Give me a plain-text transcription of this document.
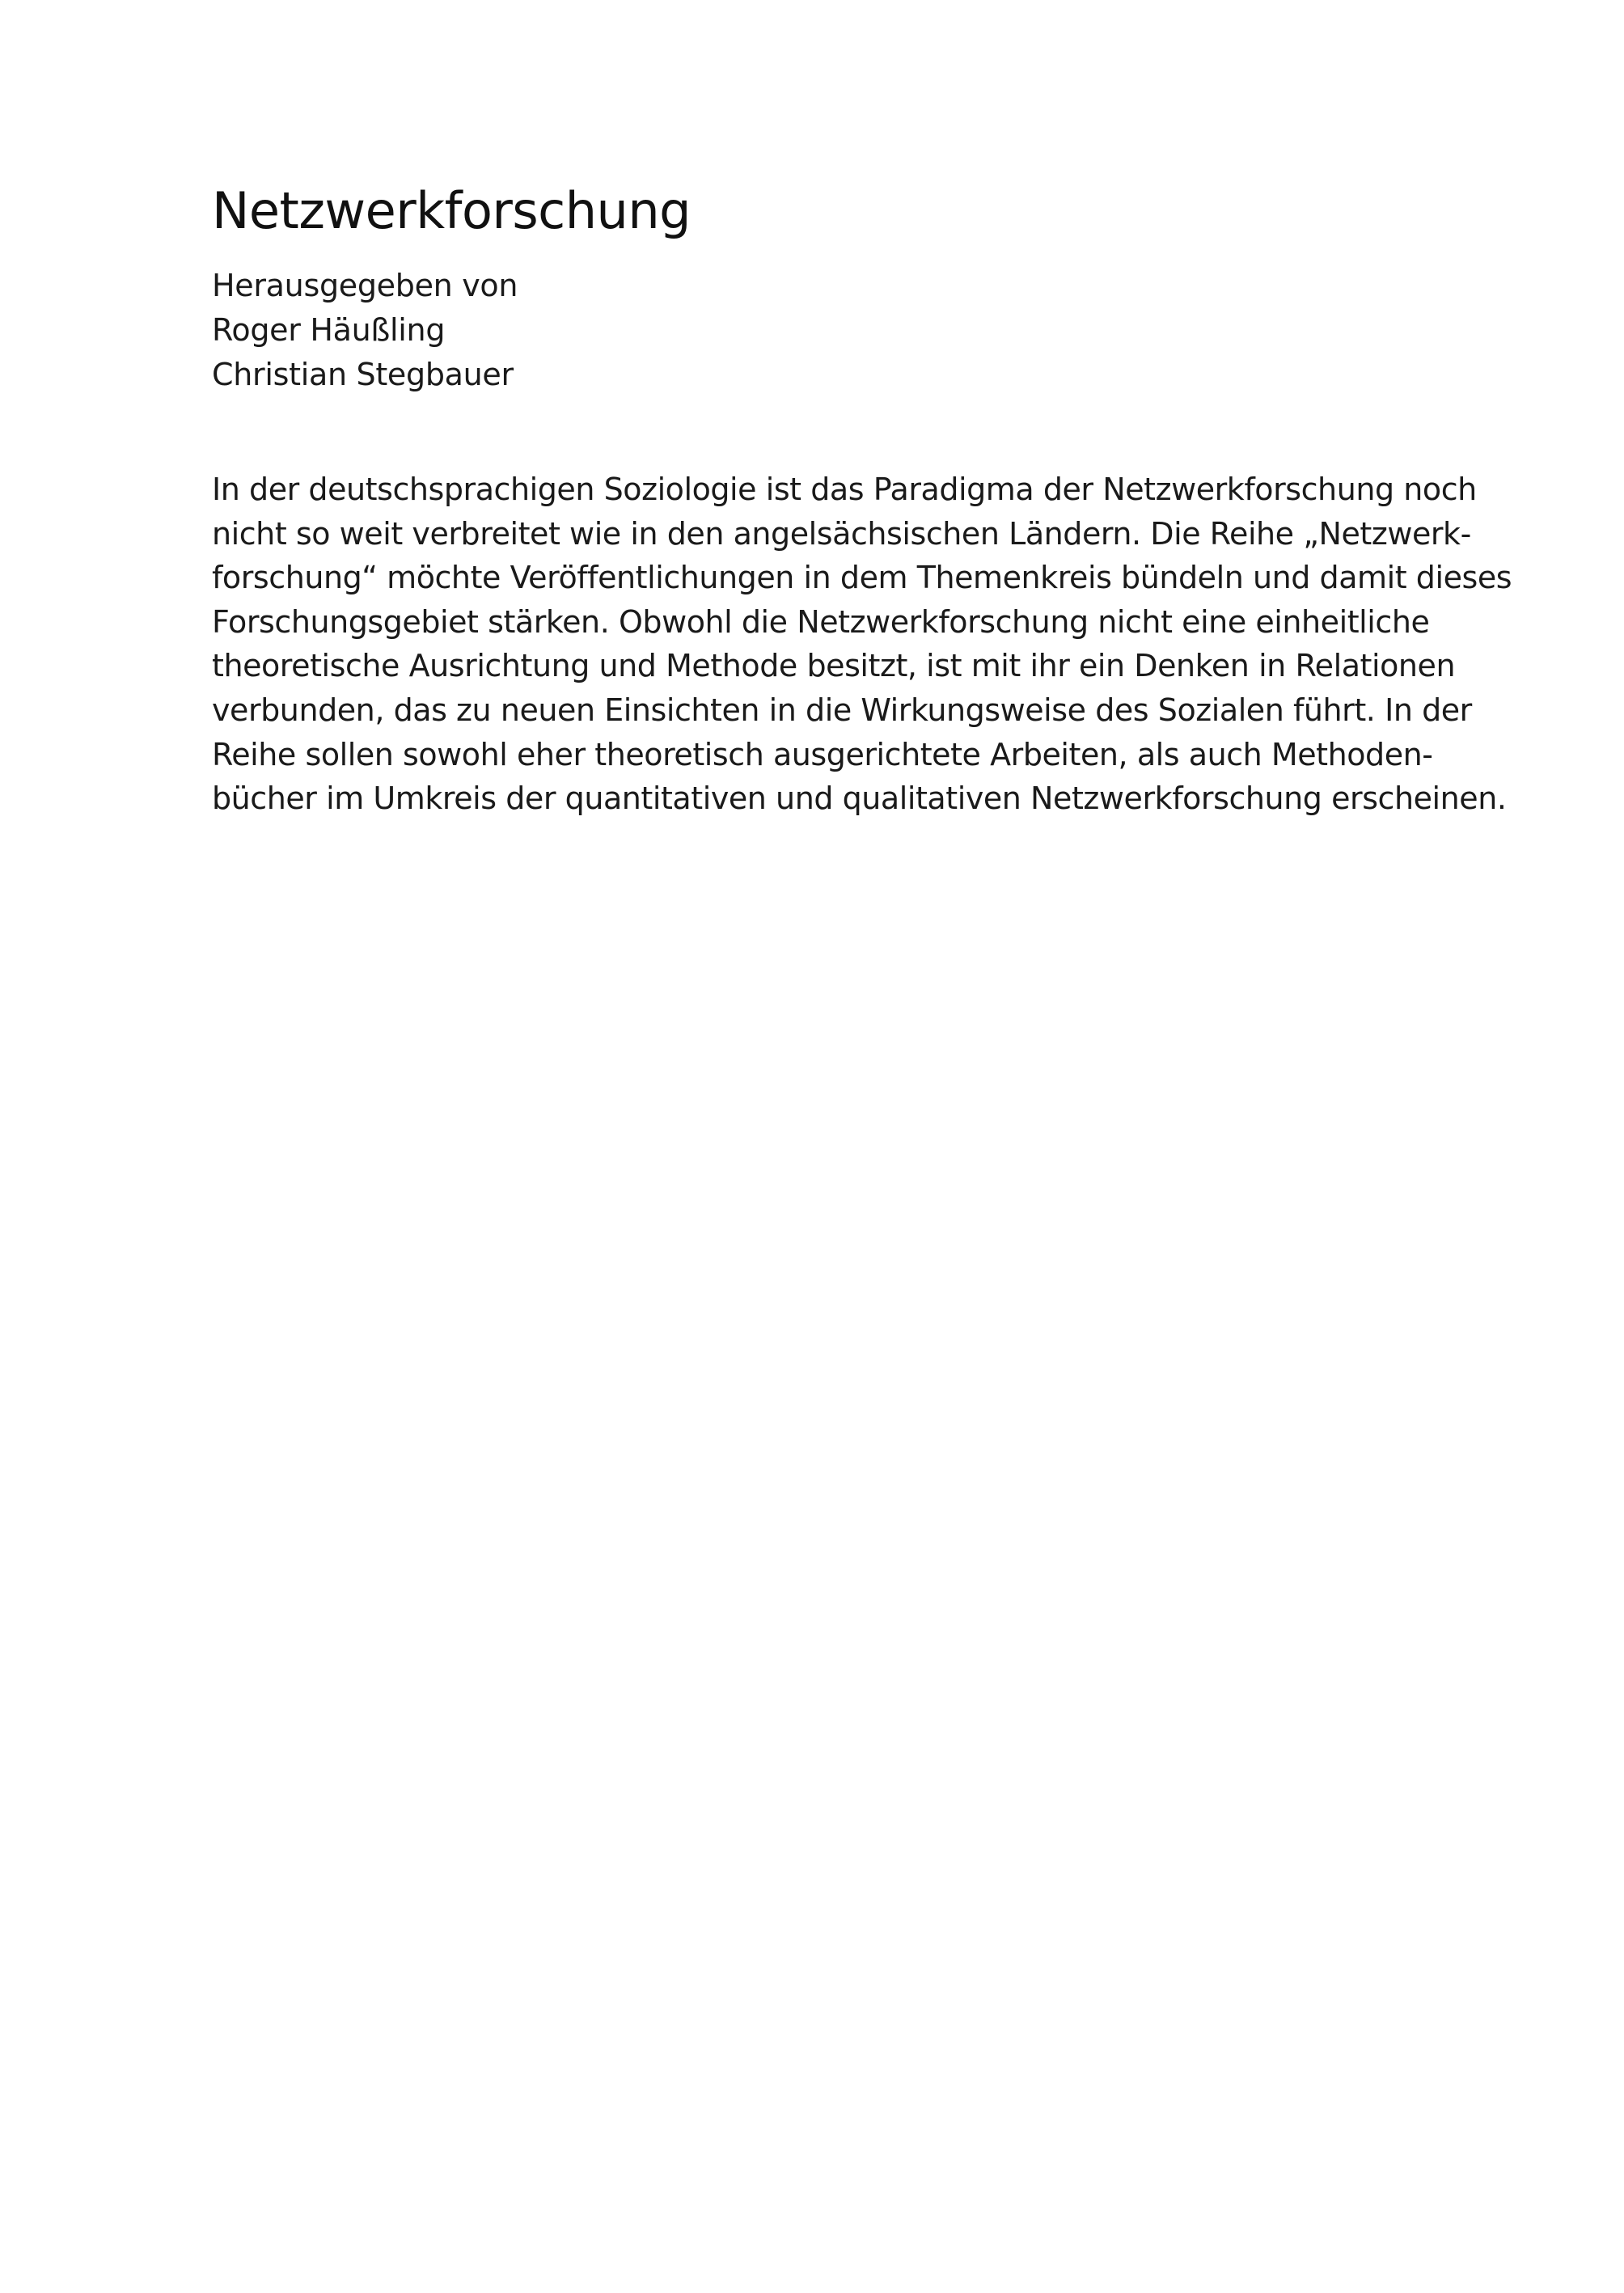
Netzwerkforschung
Herausgegeben von
Roger Häußling
Christian Stegbauer
In der deutschsprachigen Soziologie ist das Paradigma der Netzwerkforschung noch
nicht so weit verbreitet wie in den angelsächsischen Ländern. Die Reihe „Netzwerk-
forschung“ möchte Veröffentlichungen in dem Themenkreis bündeln und damit dieses
Forschungsgebiet stärken. Obwohl die Netzwerkforschung nicht eine einheitliche
theoretische Ausrichtung und Methode besitzt, ist mit ihr ein Denken in Relationen
verbunden, das zu neuen Einsichten in die Wirkungsweise des Sozialen führt. In der
Reihe sollen sowohl eher theoretisch ausgerichtete Arbeiten, als auch Methoden-
bücher im Umkreis der quantitativen und qualitativen Netzwerkforschung erscheinen.
